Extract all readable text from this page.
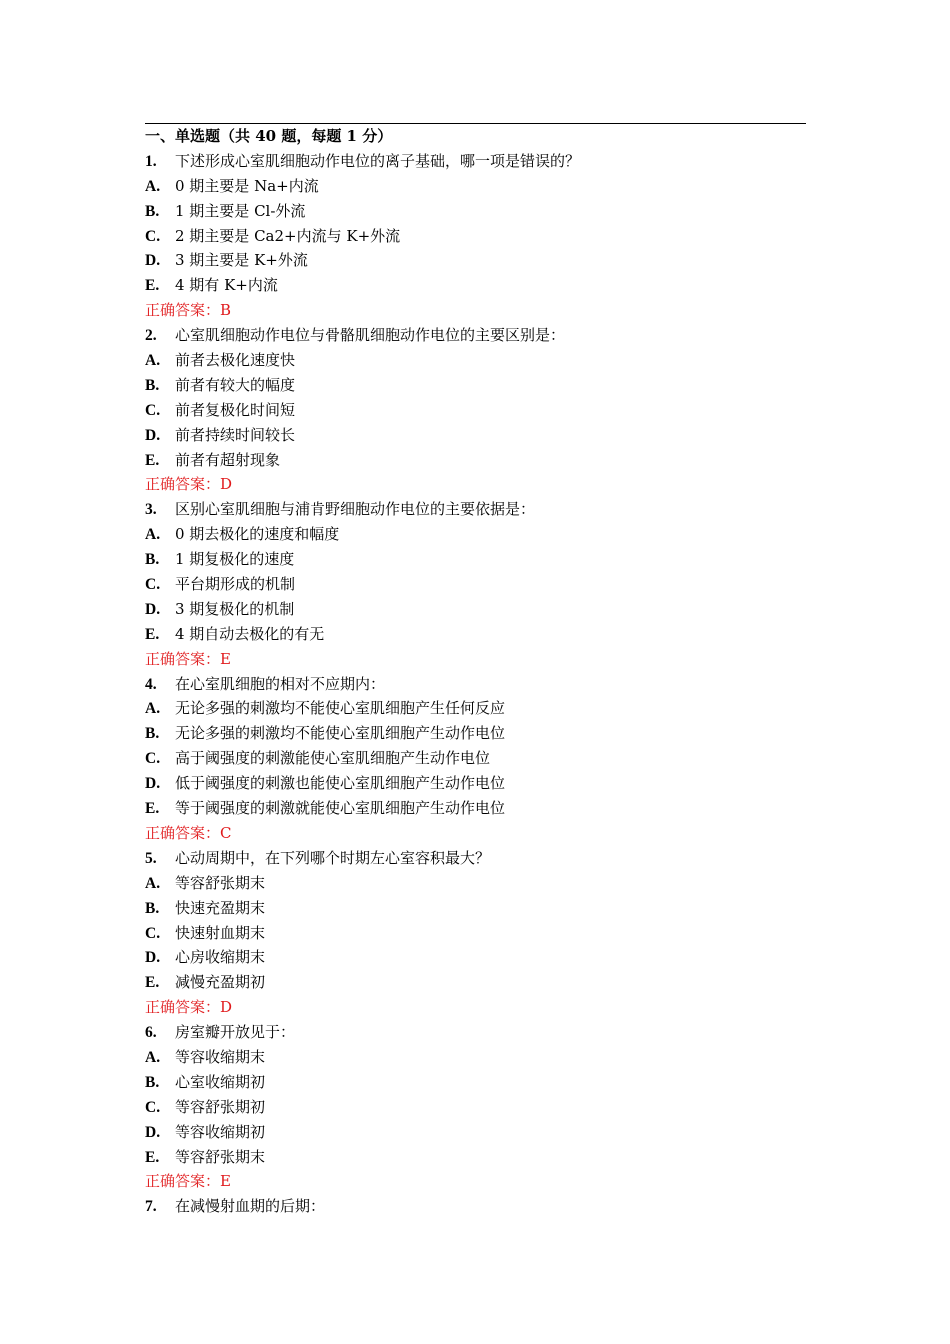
一、单选题（共 40 题，每题 1 分）
1. 下述形成心室肌细胞动作电位的离子基础，哪一项是错误的？
A. 0 期主要是 Na+内流
B. 1 期主要是 Cl-外流
C. 2 期主要是 Ca2+内流与 K+外流
D. 3 期主要是 K+外流
E. 4 期有 K+内流
正确答案：B
2. 心室肌细胞动作电位与骨骼肌细胞动作电位的主要区别是：
A. 前者去极化速度快
B. 前者有较大的幅度
C. 前者复极化时间短
D. 前者持续时间较长
E. 前者有超射现象
正确答案：D
3. 区别心室肌细胞与浦肯野细胞动作电位的主要依据是：
A. 0 期去极化的速度和幅度
B. 1 期复极化的速度
C. 平台期形成的机制
D. 3 期复极化的机制
E. 4 期自动去极化的有无
正确答案：E
4. 在心室肌细胞的相对不应期内：
A. 无论多强的刺激均不能使心室肌细胞产生任何反应
B. 无论多强的刺激均不能使心室肌细胞产生动作电位
C. 高于阈强度的刺激能使心室肌细胞产生动作电位
D. 低于阈强度的刺激也能使心室肌细胞产生动作电位
E. 等于阈强度的刺激就能使心室肌细胞产生动作电位
正确答案：C
5. 心动周期中，在下列哪个时期左心室容积最大？
A. 等容舒张期末
B. 快速充盈期末
C. 快速射血期末
D. 心房收缩期末
E. 减慢充盈期初
正确答案：D
6. 房室瓣开放见于：
A. 等容收缩期末
B. 心室收缩期初
C. 等容舒张期初
D. 等容收缩期初
E. 等容舒张期末
正确答案：E
7. 在减慢射血期的后期：
